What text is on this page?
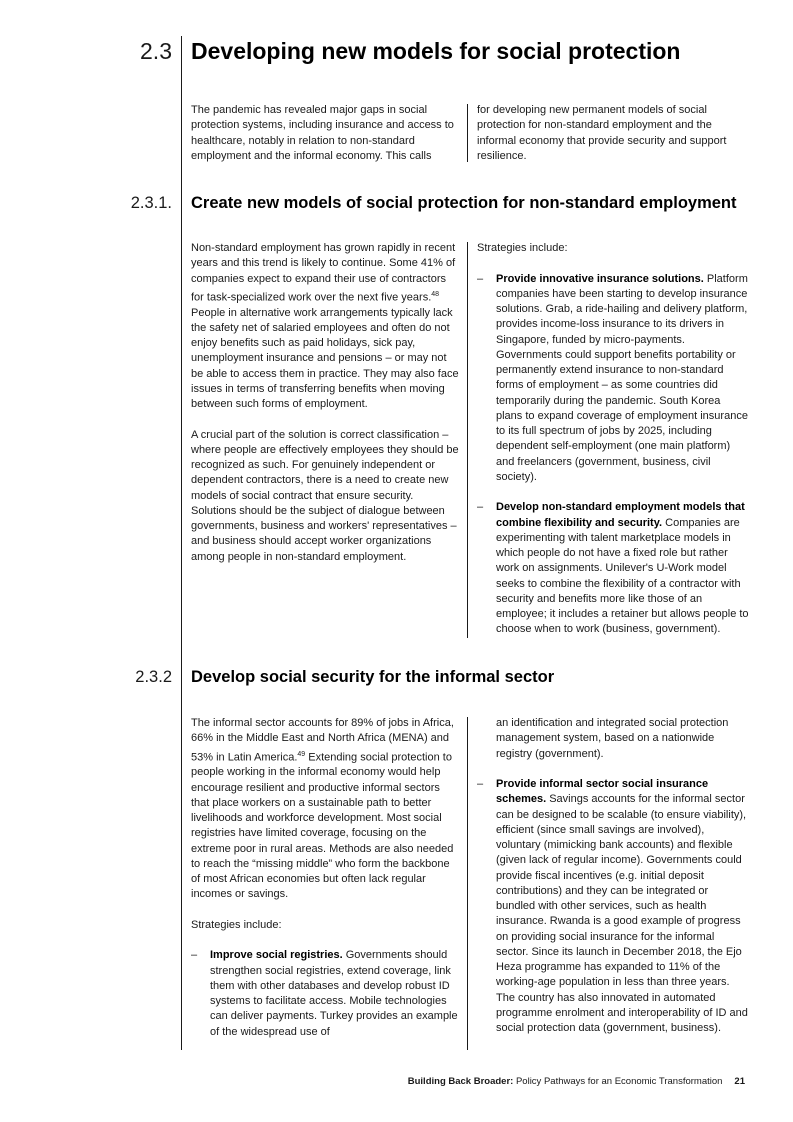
2.3 Developing new models for social protection

The pandemic has revealed major gaps in social protection systems, including insurance and access to healthcare, notably in relation to non-standard employment and the informal economy. This calls

for developing new permanent models of social protection for non-standard employment and the informal economy that provide security and support resilience.

2.3.1. Create new models of social protection for non-standard employment

Non-standard employment has grown rapidly in recent years and this trend is likely to continue. Some 41% of companies expect to expand their use of contractors for task-specialized work over the next five years.$^{48}$ People in alternative work arrangements typically lack the safety net of salaried employees and often do not enjoy benefits such as paid holidays, sick pay, unemployment insurance and pensions – or may not be able to access them in practice. They may also face issues in terms of transferring benefits when moving between such forms of employment.

A crucial part of the solution is correct classification – where people are effectively employees they should be recognized as such. For genuinely independent or dependent contractors, there is a need to create new models of social contract that ensure security. Solutions should be the subject of dialogue between governments, business and workers' representatives – and business should accept worker organizations among people in non-standard employment.

Strategies include:

– Provide innovative insurance solutions. Platform companies have been starting to develop insurance solutions. Grab, a ride-hailing and delivery platform, provides income-loss insurance to its drivers in Singapore, funded by micro-payments. Governments could support benefits portability or permanently extend insurance to non-standard forms of employment – as some countries did temporarily during the pandemic. South Korea plans to expand coverage of employment insurance to its full spectrum of jobs by 2025, including dependent self-employment (one main platform) and freelancers (government, business, civil society).
– Develop non-standard employment models that combine flexibility and security. Companies are experimenting with talent marketplace models in which people do not have a fixed role but rather work on assignments. Unilever's U-Work model seeks to combine the flexibility of a contractor with security and benefits more like those of an employee; it includes a retainer but allows people to choose when to work (business, government).
2.3.2 Develop social security for the informal sector

The informal sector accounts for 89% of jobs in Africa, 66% in the Middle East and North Africa (MENA) and 53% in Latin America.$^{49}$ Extending social protection to people working in the informal economy would help encourage resilient and productive informal sectors that place workers on a sustainable path to better livelihoods and workforce development. Most social registries have limited coverage, focusing on the extreme poor in rural areas. Methods are also needed to reach the “missing middle” who form the backbone of most African economies but often lack regular incomes or savings.

Strategies include:

– Improve social registries. Governments should strengthen social registries, extend coverage, link them with other databases and develop robust ID systems to facilitate access. Mobile technologies can deliver payments. Turkey provides an example of the widespread use of
an identification and integrated social protection management system, based on a nationwide registry (government).
– Provide informal sector social insurance schemes. Savings accounts for the informal sector can be designed to be scalable (to ensure viability), efficient (since small savings are involved), voluntary (mimicking bank accounts) and flexible (given lack of regular income). Governments could provide fiscal incentives (e.g. initial deposit contributions) and they can be integrated or bundled with other services, such as health insurance. Rwanda is a good example of progress on providing social insurance for the informal sector. Since its launch in December 2018, the Ejo Heza programme has expanded to 11% of the working-age population in less than three years. The country has also innovated in automated programme enrolment and interoperability of ID and social protection data (government, business).
Building Back Broader: Policy Pathways for an Economic Transformation 21
